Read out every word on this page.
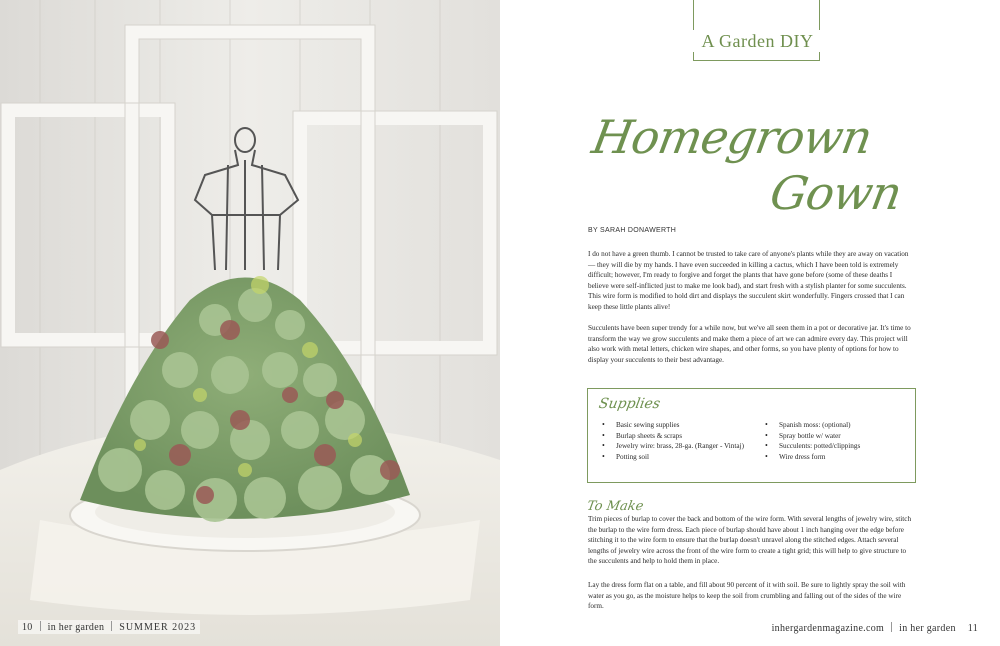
10 in her garden SUMMER 2023
A Garden DIY
Homegrown
Gown
BY SARAH DONAWERTH

I do not have a green thumb. I cannot be trusted to take care of anyone's plants while they are away on vacation — they will die by my hands. I have even succeeded in killing a cactus, which I have been told is extremely difficult; however, I'm ready to forgive and forget the plants that have gone before (some of these deaths I believe were self-inflicted just to make me look bad), and start fresh with a stylish planter for some succulents. This wire form is modified to hold dirt and displays the succulent skirt wonderfully. Fingers crossed that I can keep these little plants alive!

Succulents have been super trendy for a while now, but we've all seen them in a pot or decorative jar. It's time to transform the way we grow succulents and make them a piece of art we can admire every day. This project will also work with metal letters, chicken wire shapes, and other forms, so you have plenty of options for how to display your succulents to their best advantage.

Supplies
• Basic sewing supplies
• Burlap sheets & scraps
• Jewelry wire: brass, 28-ga. (Ranger - Vintaj)
• Potting soil
• Spanish moss: (optional)
• Spray bottle w/ water
• Succulents: potted/clippings
• Wire dress form
To Make

Trim pieces of burlap to cover the back and bottom of the wire form. With several lengths of jewelry wire, stitch the burlap to the wire form dress. Each piece of burlap should have about 1 inch hanging over the edge before stitching it to the wire form to ensure that the burlap doesn't unravel along the stitched edges. Attach several lengths of jewelry wire across the front of the wire form to create a tight grid; this will help to give structure to the succulents and help to hold them in place.

Lay the dress form flat on a table, and fill about 90 percent of it with soil. Be sure to lightly spray the soil with water as you go, as the moisture helps to keep the soil from crumbling and falling out of the sides of the wire form.

inhergardenmagazine.com in her garden 11
